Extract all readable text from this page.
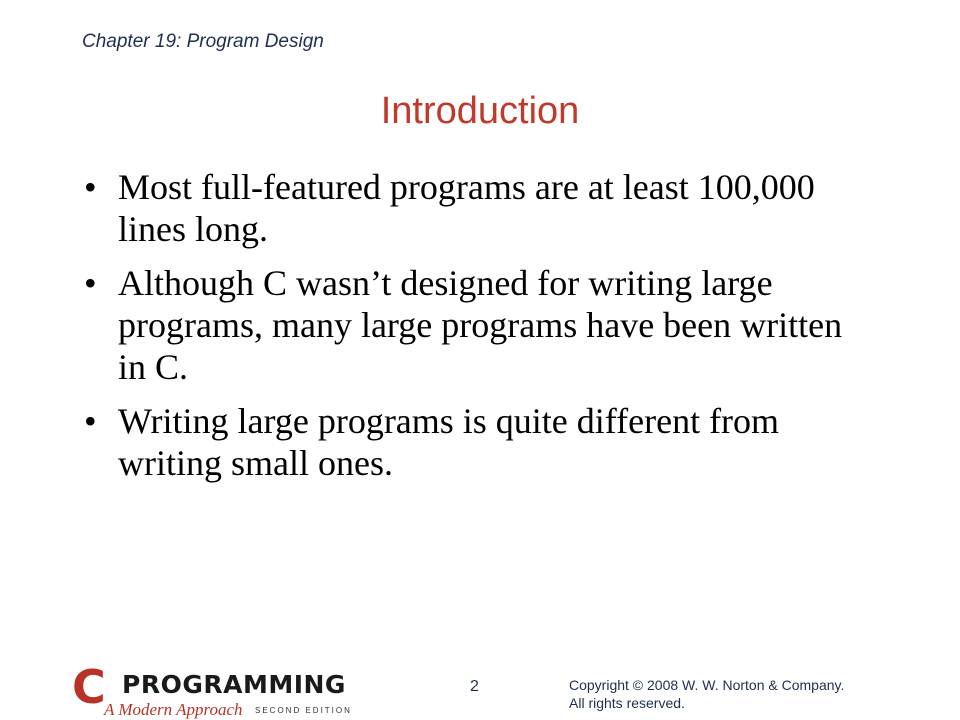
Chapter 19: Program Design
Introduction
• Most full-featured programs are at least 100,000 lines long.
• Although C wasn’t designed for writing large programs, many large programs have been written in C.
• Writing large programs is quite different from writing small ones.
C PROGRAMMING
A Modern Approach SECOND EDITION
2	Copyright © 2008 W. W. Norton & Company.
All rights reserved.
